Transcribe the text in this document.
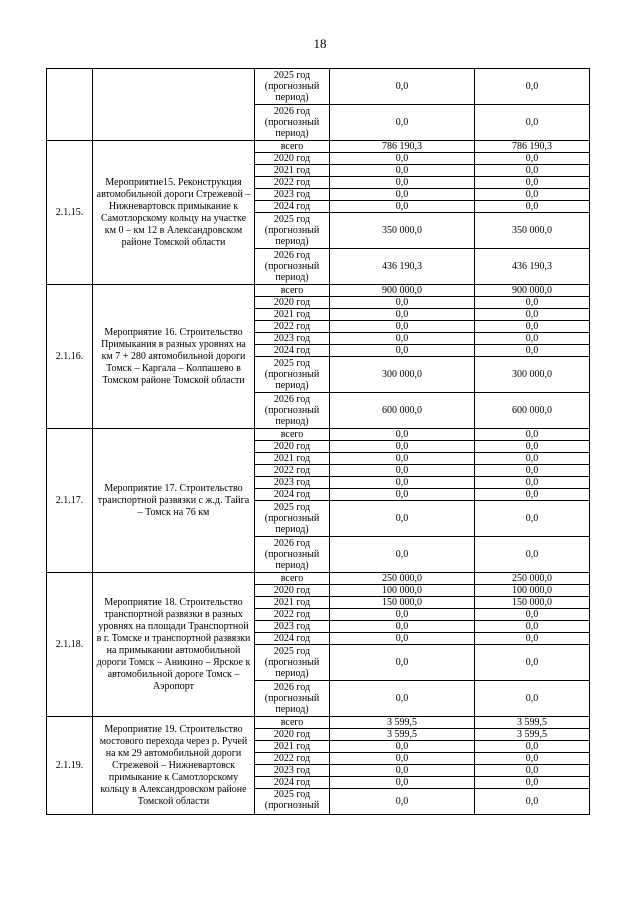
18
		2025 год (прогнозный период)	0,0	0,0
		2026 год (прогнозный период)	0,0	0,0
2.1.15.	Мероприятие15. Реконструкция автомобильной дороги Стрежевой – Нижневартовск примыкание к Самотлорскому кольцу на участке км 0 – км 12 в Александровском районе Томской области	всего	786 190,3	786 190,3
		2020 год	0,0	0,0
		2021 год	0,0	0,0
		2022 год	0,0	0,0
		2023 год	0,0	0,0
		2024 год	0,0	0,0
		2025 год (прогнозный период)	350 000,0	350 000,0
		2026 год (прогнозный период)	436 190,3	436 190,3
2.1.16.	Мероприятие 16. Строительство Примыкания в разных уровнях на км 7 + 280 автомобильной дороги Томск – Каргала – Колпашево в Томском районе Томской области	всего	900 000,0	900 000,0
		2020 год	0,0	0,0
		2021 год	0,0	0,0
		2022 год	0,0	0,0
		2023 год	0,0	0,0
		2024 год	0,0	0,0
		2025 год (прогнозный период)	300 000,0	300 000,0
		2026 год (прогнозный период)	600 000,0	600 000,0
2.1.17.	Мероприятие 17. Строительство транспортной развязки с ж.д. Тайга – Томск на 76 км	всего	0,0	0,0
		2020 год	0,0	0,0
		2021 год	0,0	0,0
		2022 год	0,0	0,0
		2023 год	0,0	0,0
		2024 год	0,0	0,0
		2025 год (прогнозный период)	0,0	0,0
		2026 год (прогнозный период)	0,0	0,0
2.1.18.	Мероприятие 18. Строительство транспортной развязки в разных уровнях на площади Транспортной в г. Томске и транспортной развязки на примыкании автомобильной дороги Томск – Аникино – Ярское к автомобильной дороге Томск – Аэропорт	всего	250 000,0	250 000,0
		2020 год	100 000,0	100 000,0
		2021 год	150 000,0	150 000,0
		2022 год	0,0	0,0
		2023 год	0,0	0,0
		2024 год	0,0	0,0
		2025 год (прогнозный период)	0,0	0,0
		2026 год (прогнозный период)	0,0	0,0
2.1.19.	Мероприятие 19. Строительство мостового перехода через р. Ручей на км 29 автомобильной дороги Стрежевой – Нижневартовск примыкание к Самотлорскому кольцу в Александровском районе Томской области	всего	3 599,5	3 599,5
		2020 год	3 599,5	3 599,5
		2021 год	0,0	0,0
		2022 год	0,0	0,0
		2023 год	0,0	0,0
		2024 год	0,0	0,0
		2025 год (прогнозный	0,0	0,0
